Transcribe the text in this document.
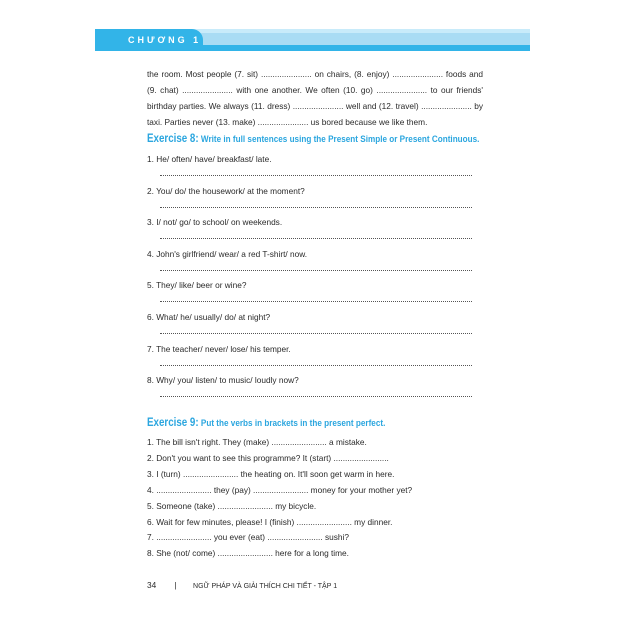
CHƯƠNG 1
the room. Most people (7. sit) ...................... on chairs, (8. enjoy) ...................... foods and (9. chat) ...................... with one another. We often (10. go) ...................... to our friends' birthday parties. We always (11. dress) ...................... well and (12. travel) ...................... by taxi. Parties never (13. make) ...................... us bored because we like them.
Exercise 8: Write in full sentences using the Present Simple or Present Continuous.
1. He/ often/ have/ breakfast/ late.
2. You/ do/ the housework/ at the moment?
3. I/ not/ go/ to school/ on weekends.
4. John's girlfriend/ wear/ a red T-shirt/ now.
5. They/ like/ beer or wine?
6. What/ he/ usually/ do/ at night?
7. The teacher/ never/ lose/ his temper.
8. Why/ you/ listen/ to music/ loudly now?
Exercise 9: Put the verbs in brackets in the present perfect.
1. The bill isn't right. They (make) ........................ a mistake.
2. Don't you want to see this programme? It (start) ........................
3. I (turn) ........................ the heating on. It'll soon get warm in here.
4. ........................ they (pay) ........................ money for your mother yet?
5. Someone (take) ........................ my bicycle.
6. Wait for few minutes, please! I (finish) ........................ my dinner.
7. ........................ you ever (eat) ........................ sushi?
8. She (not/ come) ........................ here for a long time.
34 | NGỮ PHÁP VÀ GIẢI THÍCH CHI TIẾT - TẬP 1
